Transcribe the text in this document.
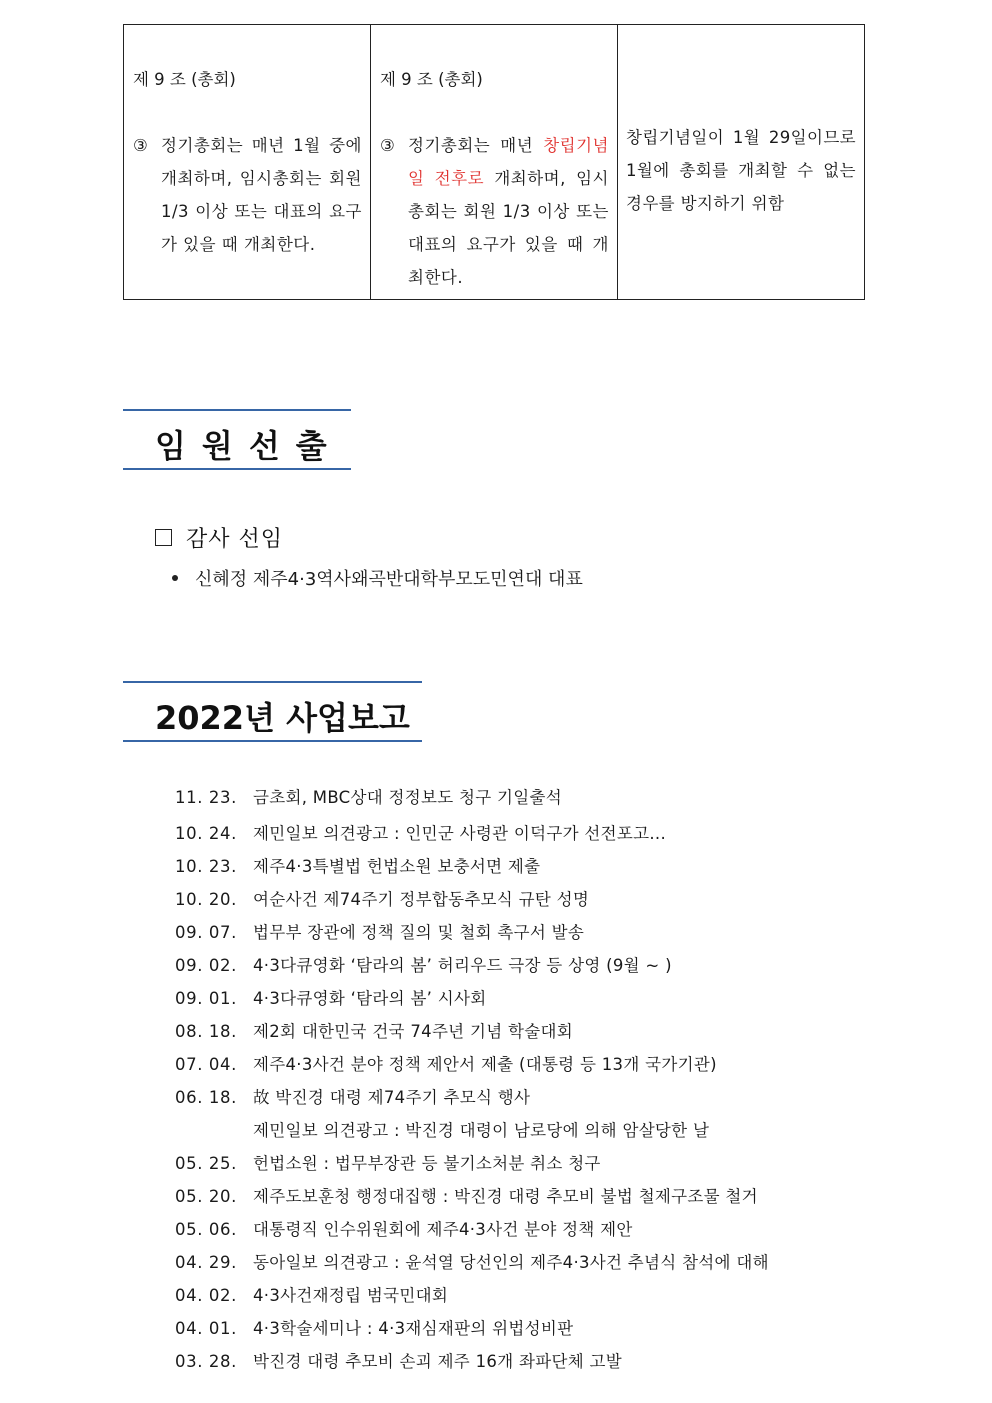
제 9 조 (총회)
③ 정기총회는 매년 1월 중에 개최하며, 임시총회는 회원 1/3 이상 또는 대표의 요구가 있을 때 개최한다.

제 9 조 (총회)
③ 정기총회는 매년 창립기념일 전후로 개최하며, 임시총회는 회원 1/3 이상 또는 대표의 요구가 있을 때 개최한다.

창립기념일이 1월 29일이므로 1월에 총회를 개최할 수 없는 경우를 방지하기 위함
임원선출
감사 선임
신혜정 제주4·3역사왜곡반대학부모도민연대 대표
2022년 사업보고
11. 23. 금초회, MBC상대 정정보도 청구 기일출석
10. 24. 제민일보 의견광고 : 인민군 사령관 이덕구가 선전포고...
10. 23. 제주4·3특별법 헌법소원 보충서면 제출
10. 20. 여순사건 제74주기 정부합동추모식 규탄 성명
09. 07. 법무부 장관에 정책 질의 및 철회 촉구서 발송
09. 02. 4·3다큐영화 ‘탐라의 봄’ 허리우드 극장 등 상영 (9월 ~ )
09. 01. 4·3다큐영화 ‘탐라의 봄’ 시사회
08. 18. 제2회 대한민국 건국 74주년 기념 학술대회
07. 04. 제주4·3사건 분야 정책 제안서 제출 (대통령 등 13개 국가기관)
06. 18. 故 박진경 대령 제74주기 추모식 행사
제민일보 의견광고 : 박진경 대령이 남로당에 의해 암살당한 날
05. 25. 헌법소원 : 법무부장관 등 불기소처분 취소 청구
05. 20. 제주도보훈청 행정대집행 : 박진경 대령 추모비 불법 철제구조물 철거
05. 06. 대통령직 인수위원회에 제주4·3사건 분야 정책 제안
04. 29. 동아일보 의견광고 : 윤석열 당선인의 제주4·3사건 추념식 참석에 대해
04. 02. 4·3사건재정립 범국민대회
04. 01. 4·3학술세미나 : 4·3재심재판의 위법성비판
03. 28. 박진경 대령 추모비 손괴 제주 16개 좌파단체 고발
